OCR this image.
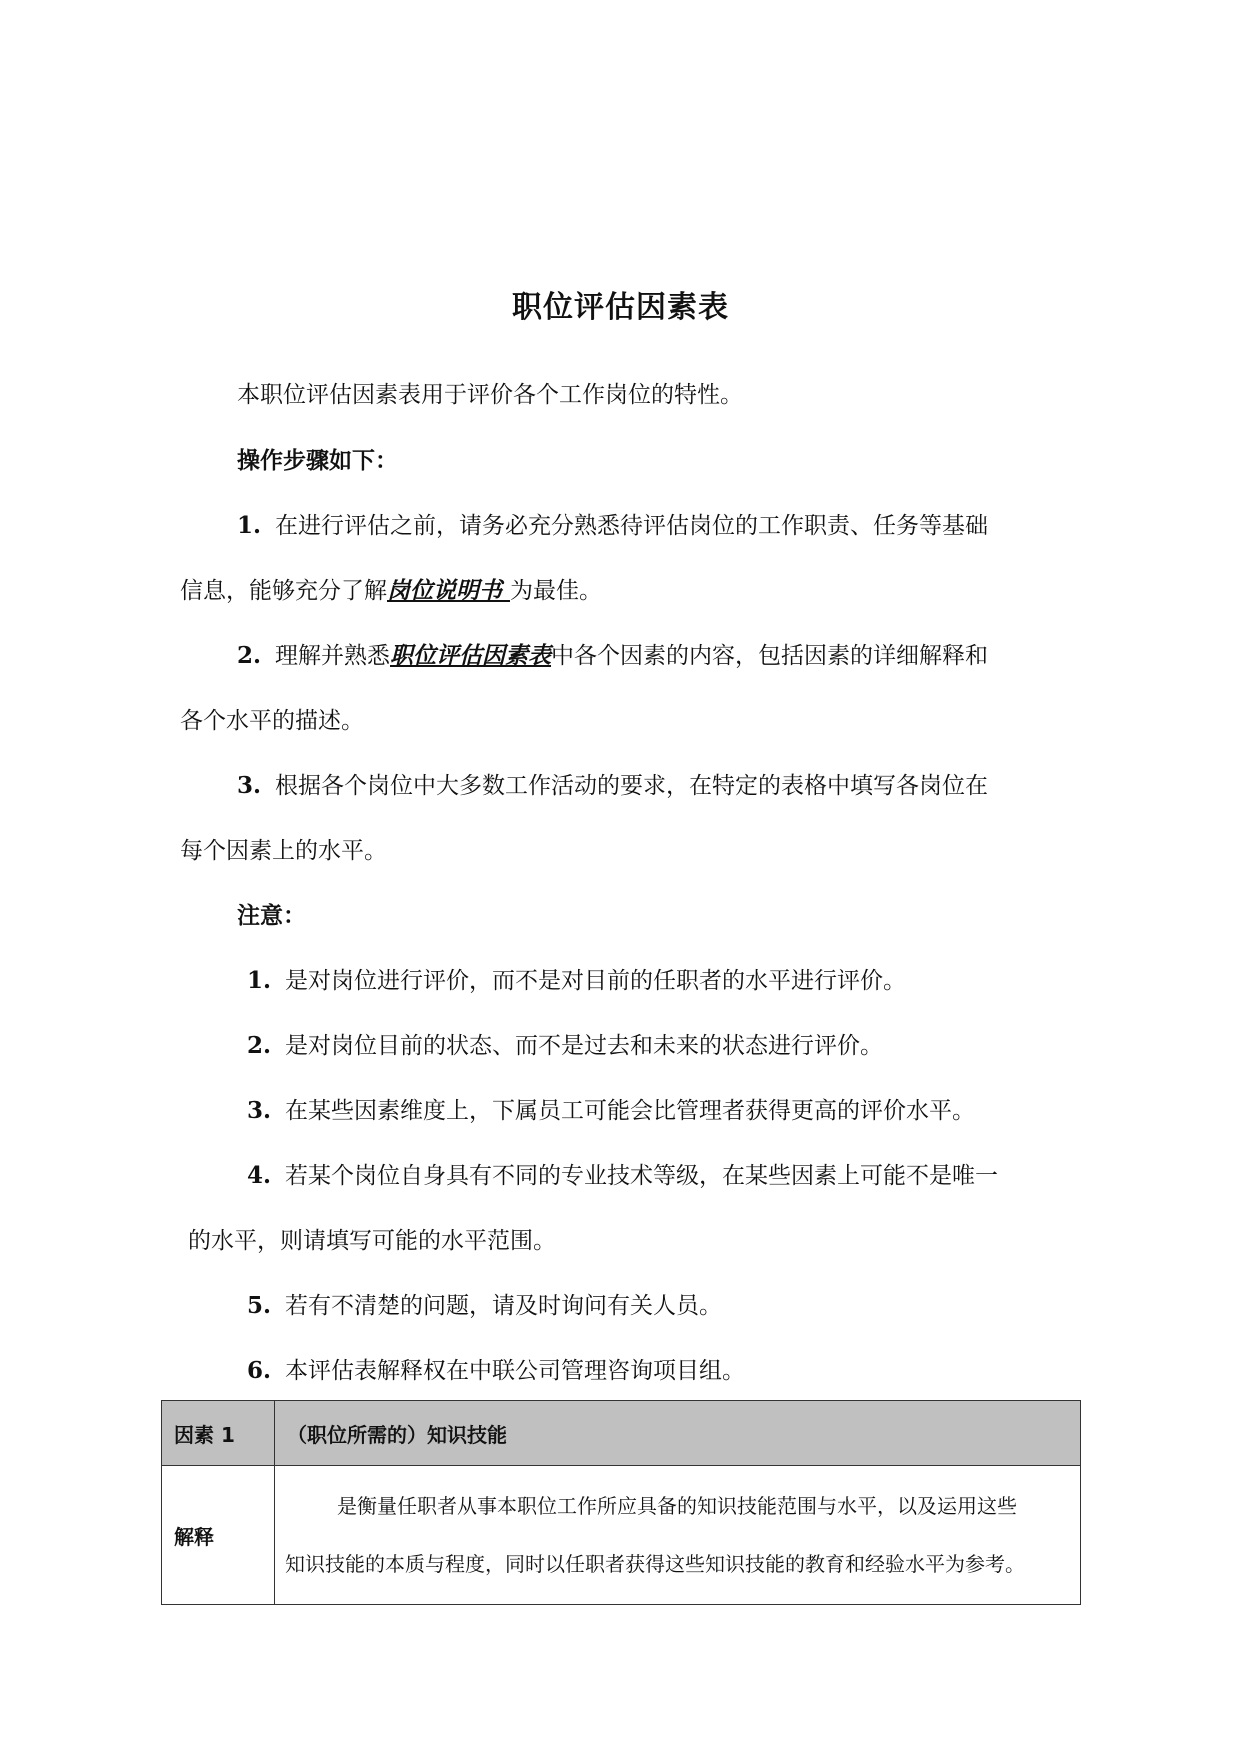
职位评估因素表
本职位评估因素表用于评价各个工作岗位的特性。
操作步骤如下：
1. 在进行评估之前，请务必充分熟悉待评估岗位的工作职责、任务等基础
信息，能够充分了解岗位说明书 为最佳。
2. 理解并熟悉职位评估因素表中各个因素的内容，包括因素的详细解释和
各个水平的描述。
3. 根据各个岗位中大多数工作活动的要求，在特定的表格中填写各岗位在
每个因素上的水平。
注意：
1. 是对岗位进行评价，而不是对目前的任职者的水平进行评价。
2. 是对岗位目前的状态、而不是过去和未来的状态进行评价。
3. 在某些因素维度上，下属员工可能会比管理者获得更高的评价水平。
4. 若某个岗位自身具有不同的专业技术等级，在某些因素上可能不是唯一
的水平，则请填写可能的水平范围。
5. 若有不清楚的问题，请及时询问有关人员。
6. 本评估表解释权在中联公司管理咨询项目组。
因素 1	（职位所需的）知识技能
解释	是衡量任职者从事本职位工作所应具备的知识技能范围与水平，以及运用这些

知识技能的本质与程度，同时以任职者获得这些知识技能的教育和经验水平为参考。
